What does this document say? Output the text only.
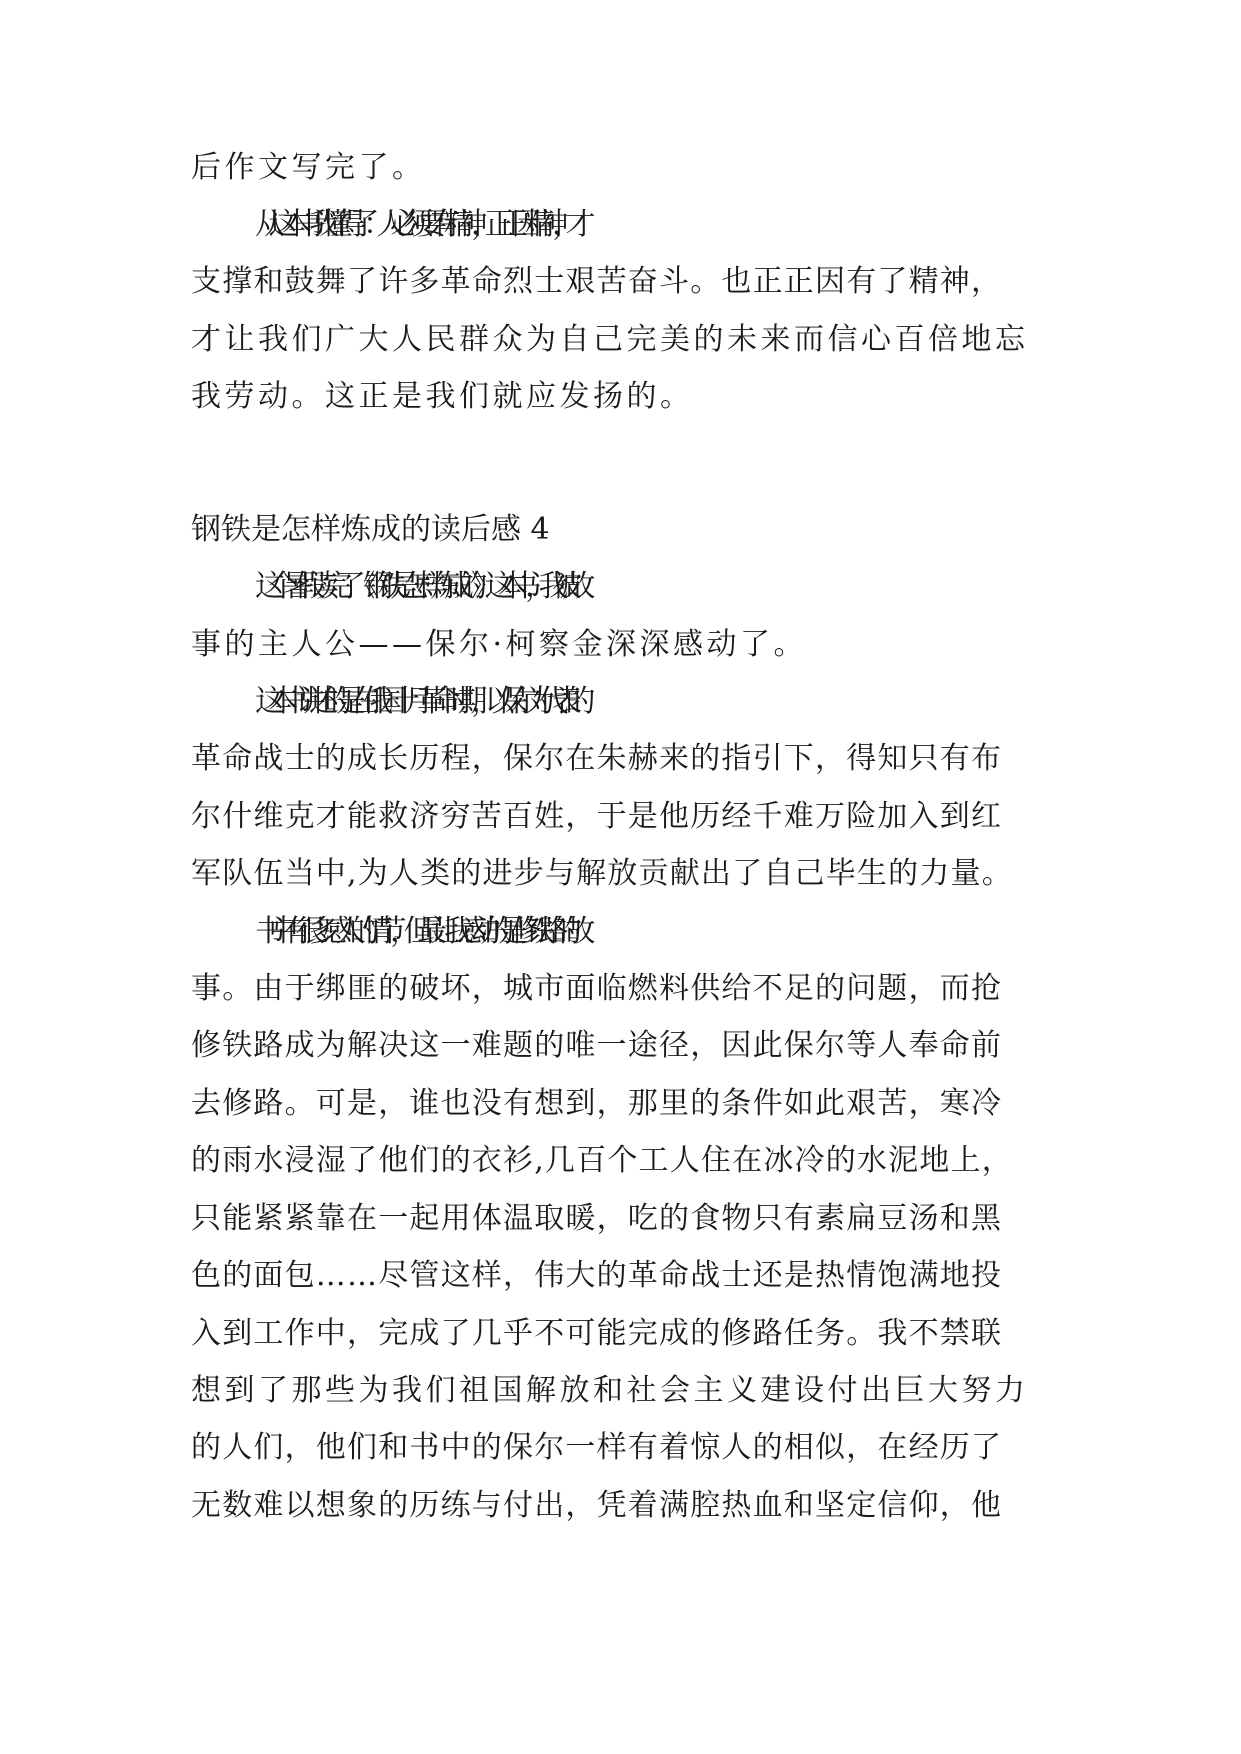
后作文写完了。
从这本书我懂得了：人必须要有精神，正正因精神，才
支撑和鼓舞了许多革命烈士艰苦奋斗。也正正因有了精神，
才让我们广大人民群众为自己完美的未来而信心百倍地忘
我劳动。这正是我们就应发扬的。
钢铁是怎样炼成的读后感 4
这个暑假读完了《钢铁是怎样炼成的》这本书，我被故
事的主人公——保尔·柯察金深深感动了。
这本书讲述的是在俄国十月革命时期，以保尔为代表的
革命战士的成长历程，保尔在朱赫来的指引下，得知只有布
尔什维克才能救济穷苦百姓，于是他历经千难万险加入到红
军队伍当中,为人类的进步与解放贡献出了自己毕生的力量。
书中有很多感人的情节，但最让我感动的是修铁路的故
事。由于绑匪的破坏，城市面临燃料供给不足的问题，而抢
修铁路成为解决这一难题的唯一途径，因此保尔等人奉命前
去修路。可是，谁也没有想到，那里的条件如此艰苦，寒冷
的雨水浸湿了他们的衣衫,几百个工人住在冰冷的水泥地上，
只能紧紧靠在一起用体温取暖，吃的食物只有素扁豆汤和黑
色的面包……尽管这样，伟大的革命战士还是热情饱满地投
入到工作中，完成了几乎不可能完成的修路任务。我不禁联
想到了那些为我们祖国解放和社会主义建设付出巨大努力
的人们，他们和书中的保尔一样有着惊人的相似，在经历了
无数难以想象的历练与付出，凭着满腔热血和坚定信仰，他
